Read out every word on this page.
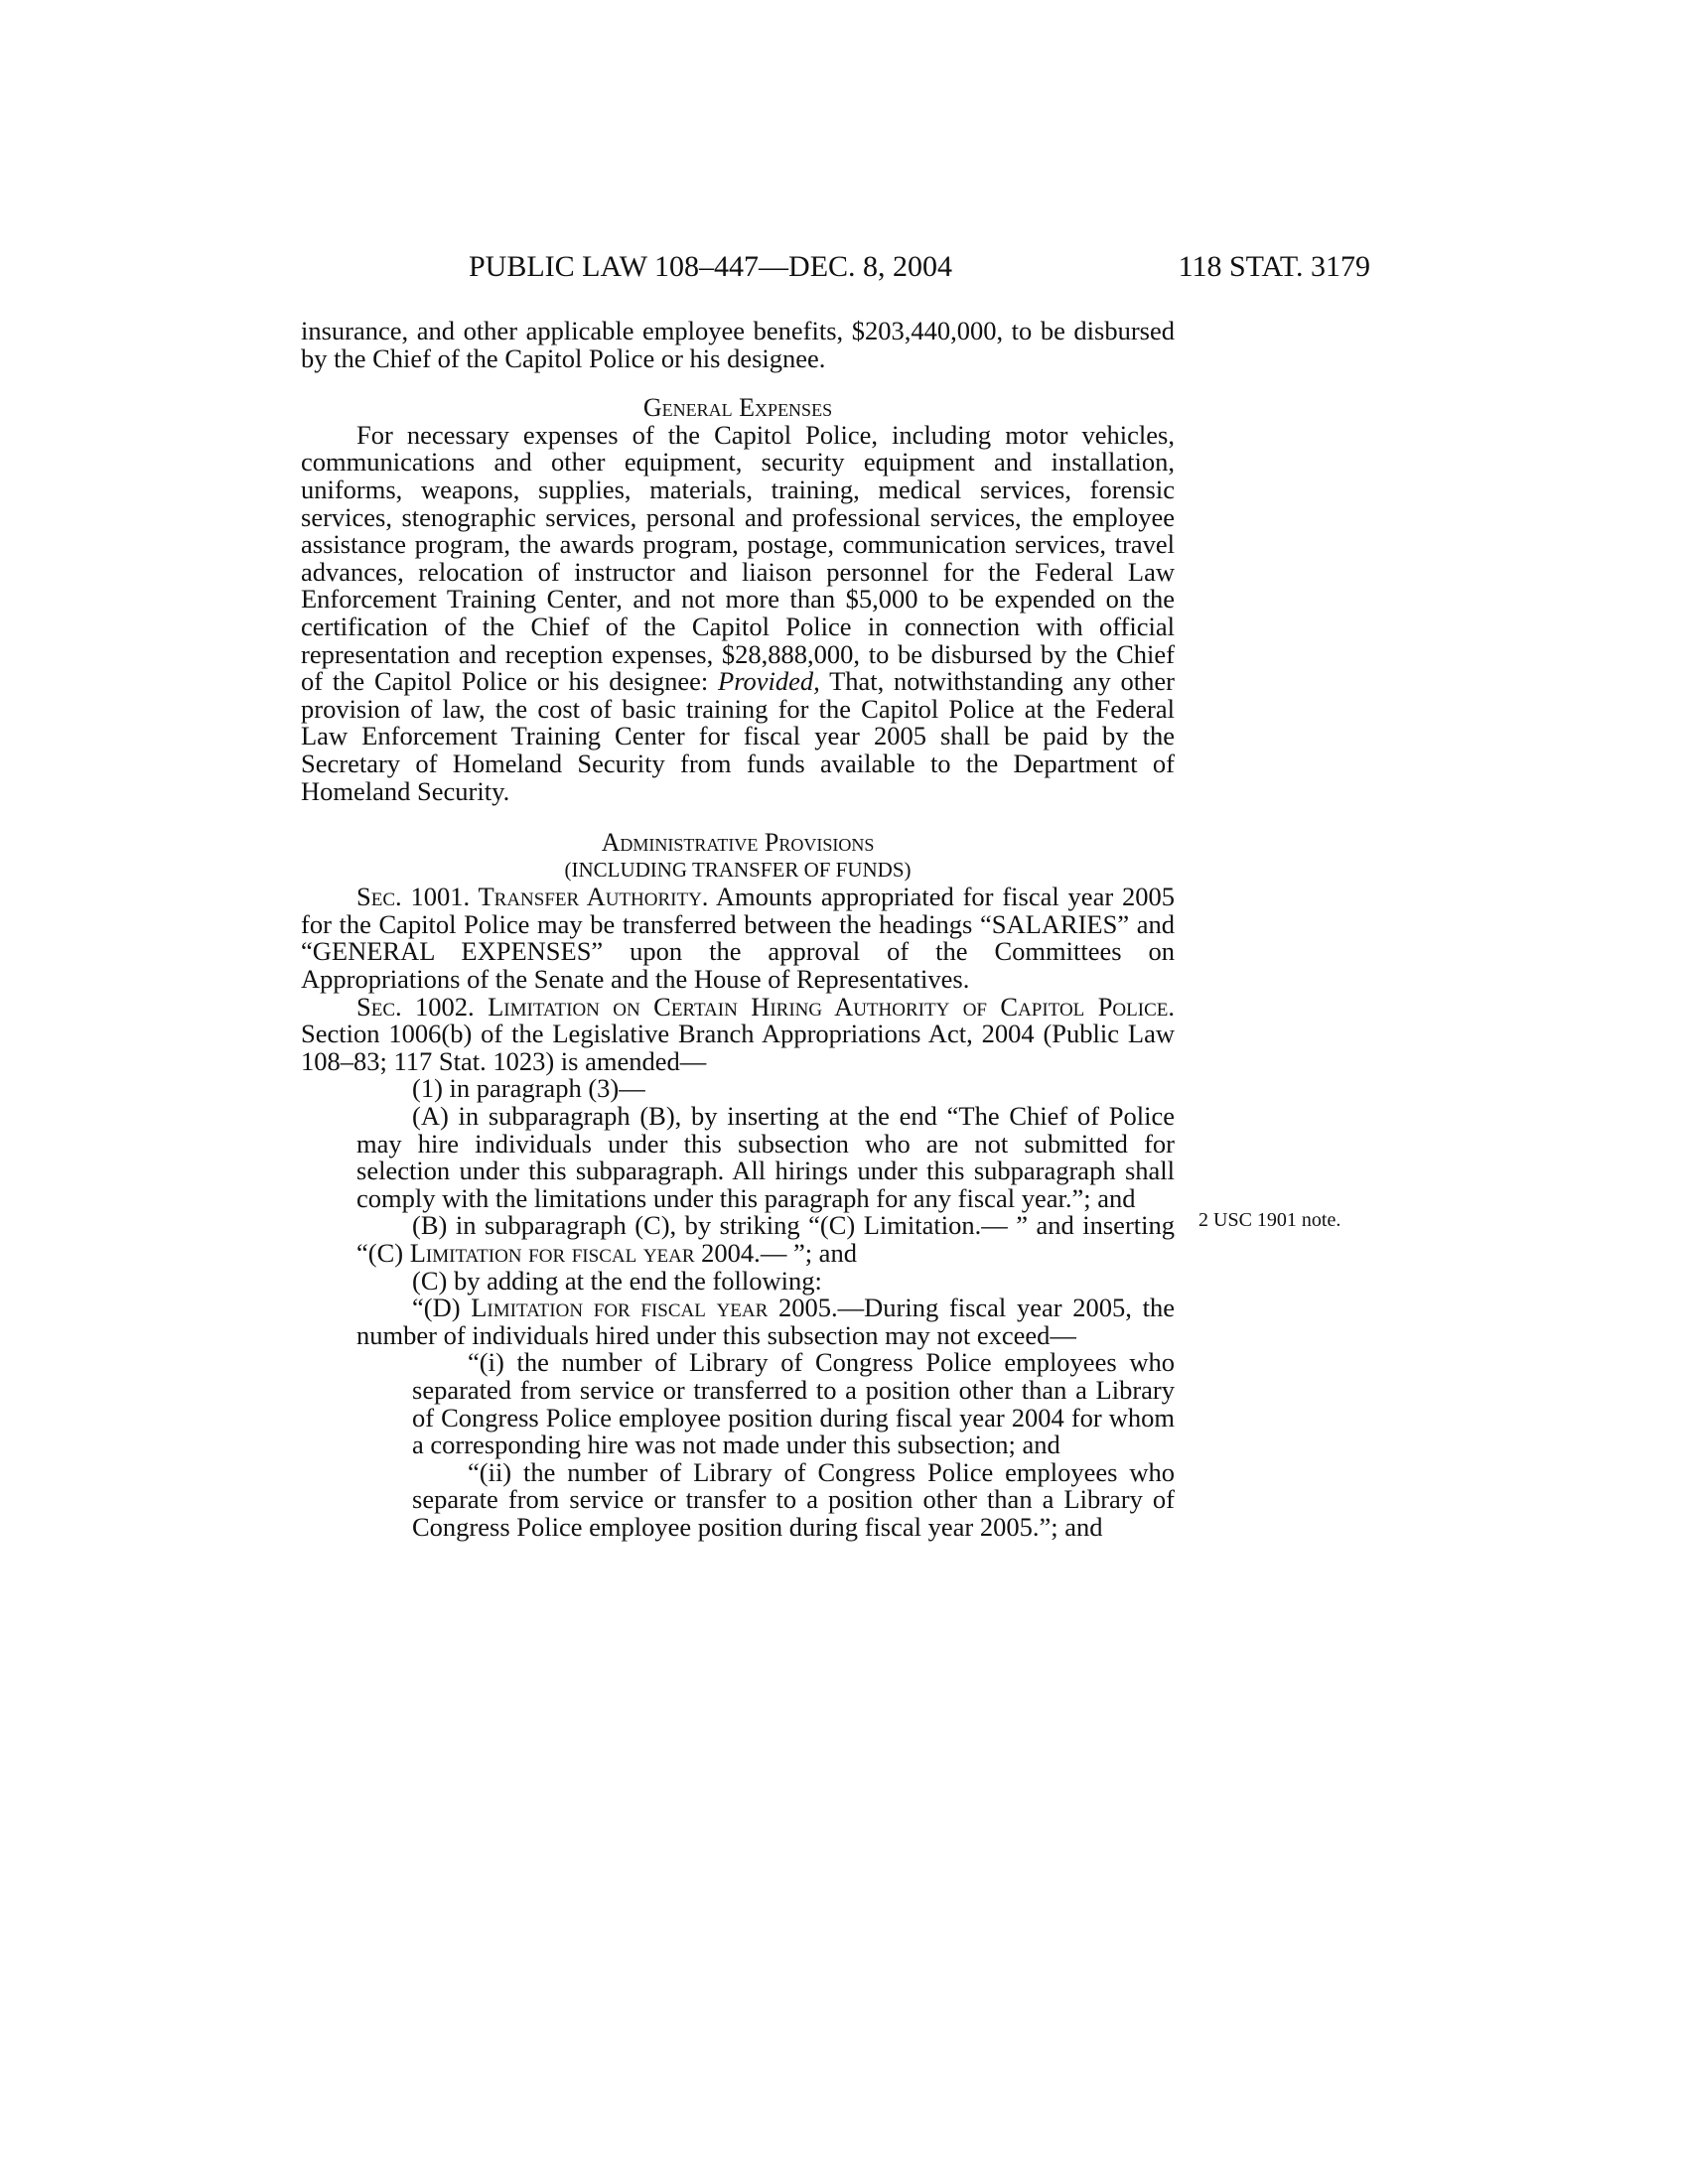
PUBLIC LAW 108–447—DEC. 8, 2004	118 STAT. 3179

insurance, and other applicable employee benefits, $203,440,000, to be disbursed by the Chief of the Capitol Police or his designee.

General Expenses

For necessary expenses of the Capitol Police, including motor vehicles, communications and other equipment, security equipment and installation, uniforms, weapons, supplies, materials, training, medical services, forensic services, stenographic services, personal and professional services, the employee assistance program, the awards program, postage, communication services, travel advances, relocation of instructor and liaison personnel for the Federal Law Enforcement Training Center, and not more than $5,000 to be expended on the certification of the Chief of the Capitol Police in connection with official representation and reception expenses, $28,888,000, to be disbursed by the Chief of the Capitol Police or his designee: Provided, That, notwithstanding any other provision of law, the cost of basic training for the Capitol Police at the Federal Law Enforcement Training Center for fiscal year 2005 shall be paid by the Secretary of Homeland Security from funds available to the Department of Homeland Security.

Administrative Provisions

(INCLUDING TRANSFER OF FUNDS)

Sec. 1001. Transfer Authority. Amounts appropriated for fiscal year 2005 for the Capitol Police may be transferred between the headings “SALARIES” and “GENERAL EXPENSES” upon the approval of the Committees on Appropriations of the Senate and the House of Representatives.

Sec. 1002. Limitation on Certain Hiring Authority of Capitol Police. Section 1006(b) of the Legislative Branch Appropriations Act, 2004 (Public Law 108–83; 117 Stat. 1023) is amended—

(1) in paragraph (3)—

(A) in subparagraph (B), by inserting at the end “The Chief of Police may hire individuals under this subsection who are not submitted for selection under this subparagraph. All hirings under this subparagraph shall comply with the limitations under this paragraph for any fiscal year.”; and

(B) in subparagraph (C), by striking “(C) Limitation.— ” and inserting “(C) Limitation for fiscal year 2004.— ”; and

(C) by adding at the end the following:

“(D) Limitation for fiscal year 2005.—During fiscal year 2005, the number of individuals hired under this subsection may not exceed—

“(i) the number of Library of Congress Police employees who separated from service or transferred to a position other than a Library of Congress Police employee position during fiscal year 2004 for whom a corresponding hire was not made under this subsection; and

“(ii) the number of Library of Congress Police employees who separate from service or transfer to a position other than a Library of Congress Police employee position during fiscal year 2005.”; and

2 USC 1901 note.
